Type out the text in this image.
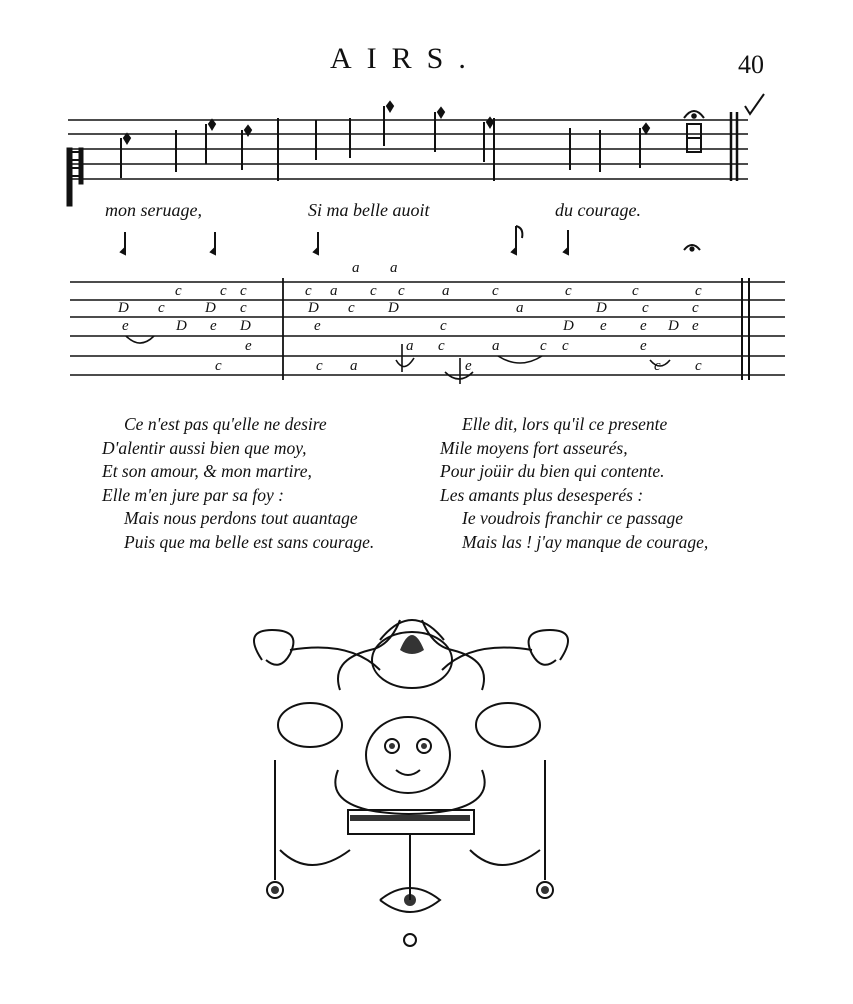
AIRS.	40
c	c c	c a c c a	c	c	c	c
a a
D c	D c	D c D	a	D c	c
e	D e D	e	c	D e e D e
e	a c	a	c c	e
c	c a	e	c c
mon seruage,	Si ma belle auoit	du courage.
Ce n'est pas qu'elle ne desire
D'alentir aussi bien que moy,
Et son amour, & mon martire,
Elle m'en jure par sa foy :
Mais nous perdons tout auantage
Puis que ma belle est sans courage.
Elle dit, lors qu'il ce presente
Mile moyens fort asseurés,
Pour joüir du bien qui contente.
Les amants plus desesperés :
Ie voudrois franchir ce passage
Mais las ! j'ay manque de courage,
